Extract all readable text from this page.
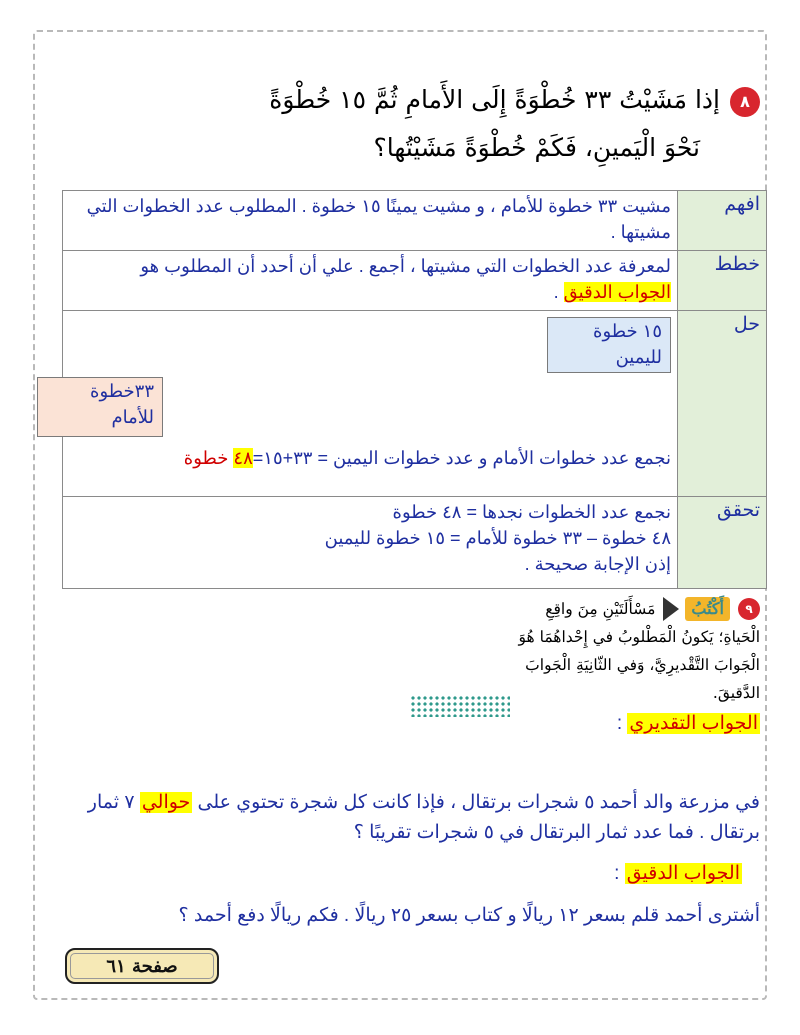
٨إذا مَشَيْتُ ٣٣ خُطْوَةً إِلَى الأَمامِ ثُمَّ ١٥ خُطْوَةً
نَحْوَ الْيَمينِ، فَكَمْ خُطْوَةً مَشَيْتُها؟
افهم	مشيت ٣٣ خطوة للأمام ، و مشيت يمينًا ١٥ خطوة . المطلوب عدد الخطوات التي مشيتها .
خطط	لمعرفة عدد الخطوات التي مشيتها ، أجمع . علي أن أحدد أن المطلوب هو
الجواب الدقيق .
حل	١٥ خطوة
لليمين
٣٣خطوة
للأمام
نجمع عدد خطوات الأمام و عدد خطوات اليمين = ٣٣+١٥=٤٨ خطوة

تحقق	نجمع عدد الخطوات نجدها = ٤٨ خطوة
٤٨ خطوة – ٣٣ خطوة للأمام = ١٥ خطوة لليمين
إذن الإجابة صحيحة .
٩
أَكْتُبُ
مَسْأَلَتَيْنِ مِنَ واقِعِ
الْحَياةِ؛ يَكونُ الْمَطْلوبُ في إِحْداهُمَا هُوَ
الْجَوابَ التَّقْديرِيَّ، وَفي الثّانِيَةِ الْجَوابَ
الدَّقيقَ.
الجواب التقديري :
في مزرعة والد أحمد ٥ شجرات برتقال ، فإذا كانت كل شجرة تحتوي على حوالي ٧ ثمار برتقال . فما عدد ثمار البرتقال في ٥ شجرات تقريبًا ؟
الجواب الدقيق :
أشترى أحمد قلم بسعر ١٢ ريالًا و كتاب بسعر ٢٥ ريالًا . فكم ريالًا دفع أحمد ؟
صفحة ٦١
